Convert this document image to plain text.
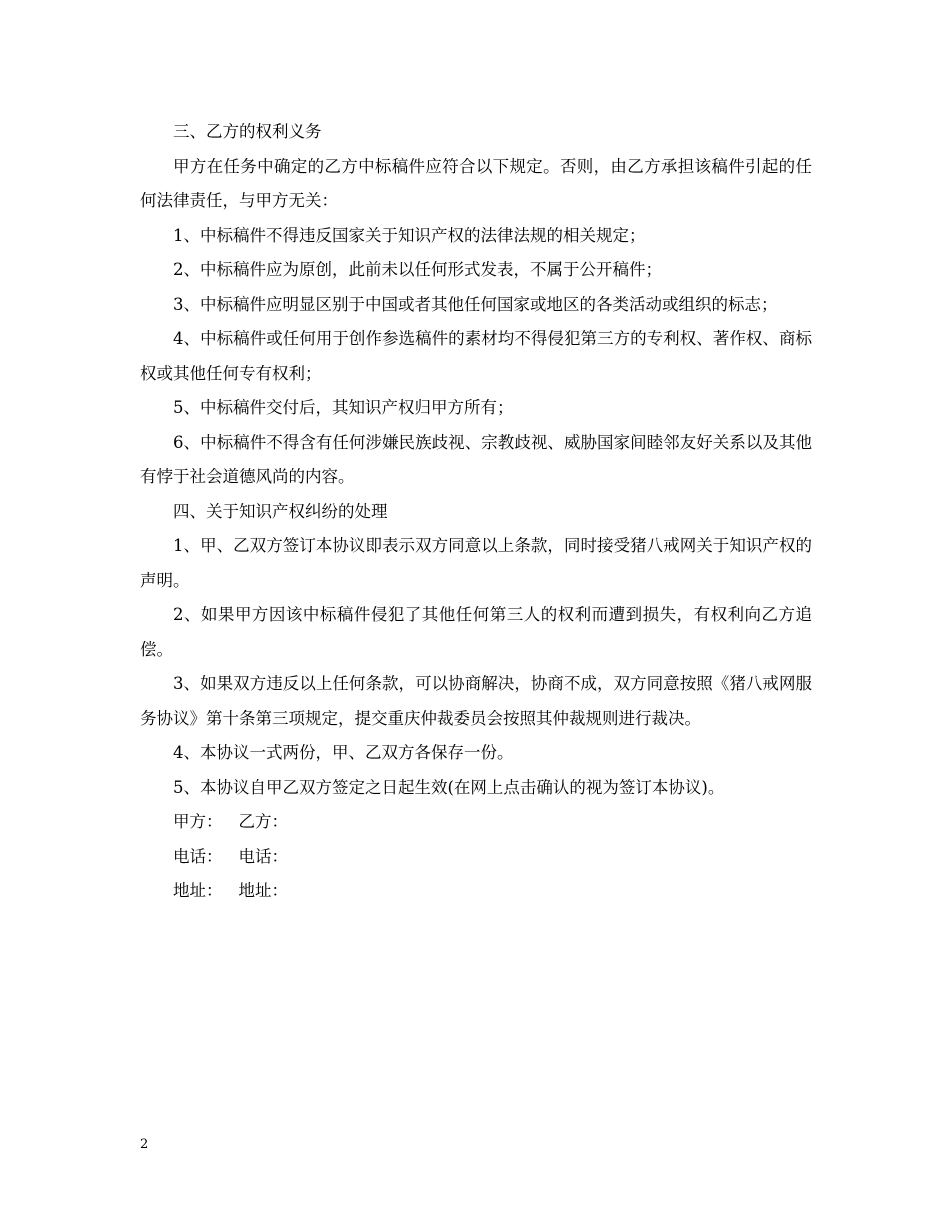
三、乙方的权利义务

甲方在任务中确定的乙方中标稿件应符合以下规定。否则，由乙方承担该稿件引起的任何法律责任，与甲方无关：

1、中标稿件不得违反国家关于知识产权的法律法规的相关规定；

2、中标稿件应为原创，此前未以任何形式发表，不属于公开稿件；

3、中标稿件应明显区别于中国或者其他任何国家或地区的各类活动或组织的标志；

4、中标稿件或任何用于创作参选稿件的素材均不得侵犯第三方的专利权、著作权、商标权或其他任何专有权利；

5、中标稿件交付后，其知识产权归甲方所有；

6、中标稿件不得含有任何涉嫌民族歧视、宗教歧视、威胁国家间睦邻友好关系以及其他有悖于社会道德风尚的内容。

四、关于知识产权纠纷的处理

1、甲、乙双方签订本协议即表示双方同意以上条款，同时接受猪八戒网关于知识产权的声明。

2、如果甲方因该中标稿件侵犯了其他任何第三人的权利而遭到损失，有权利向乙方追偿。

3、如果双方违反以上任何条款，可以协商解决，协商不成，双方同意按照《猪八戒网服务协议》第十条第三项规定，提交重庆仲裁委员会按照其仲裁规则进行裁决。

4、本协议一式两份，甲、乙双方各保存一份。

5、本协议自甲乙双方签定之日起生效(在网上点击确认的视为签订本协议)。

甲方： 乙方：

电话： 电话：

地址： 地址：

2
